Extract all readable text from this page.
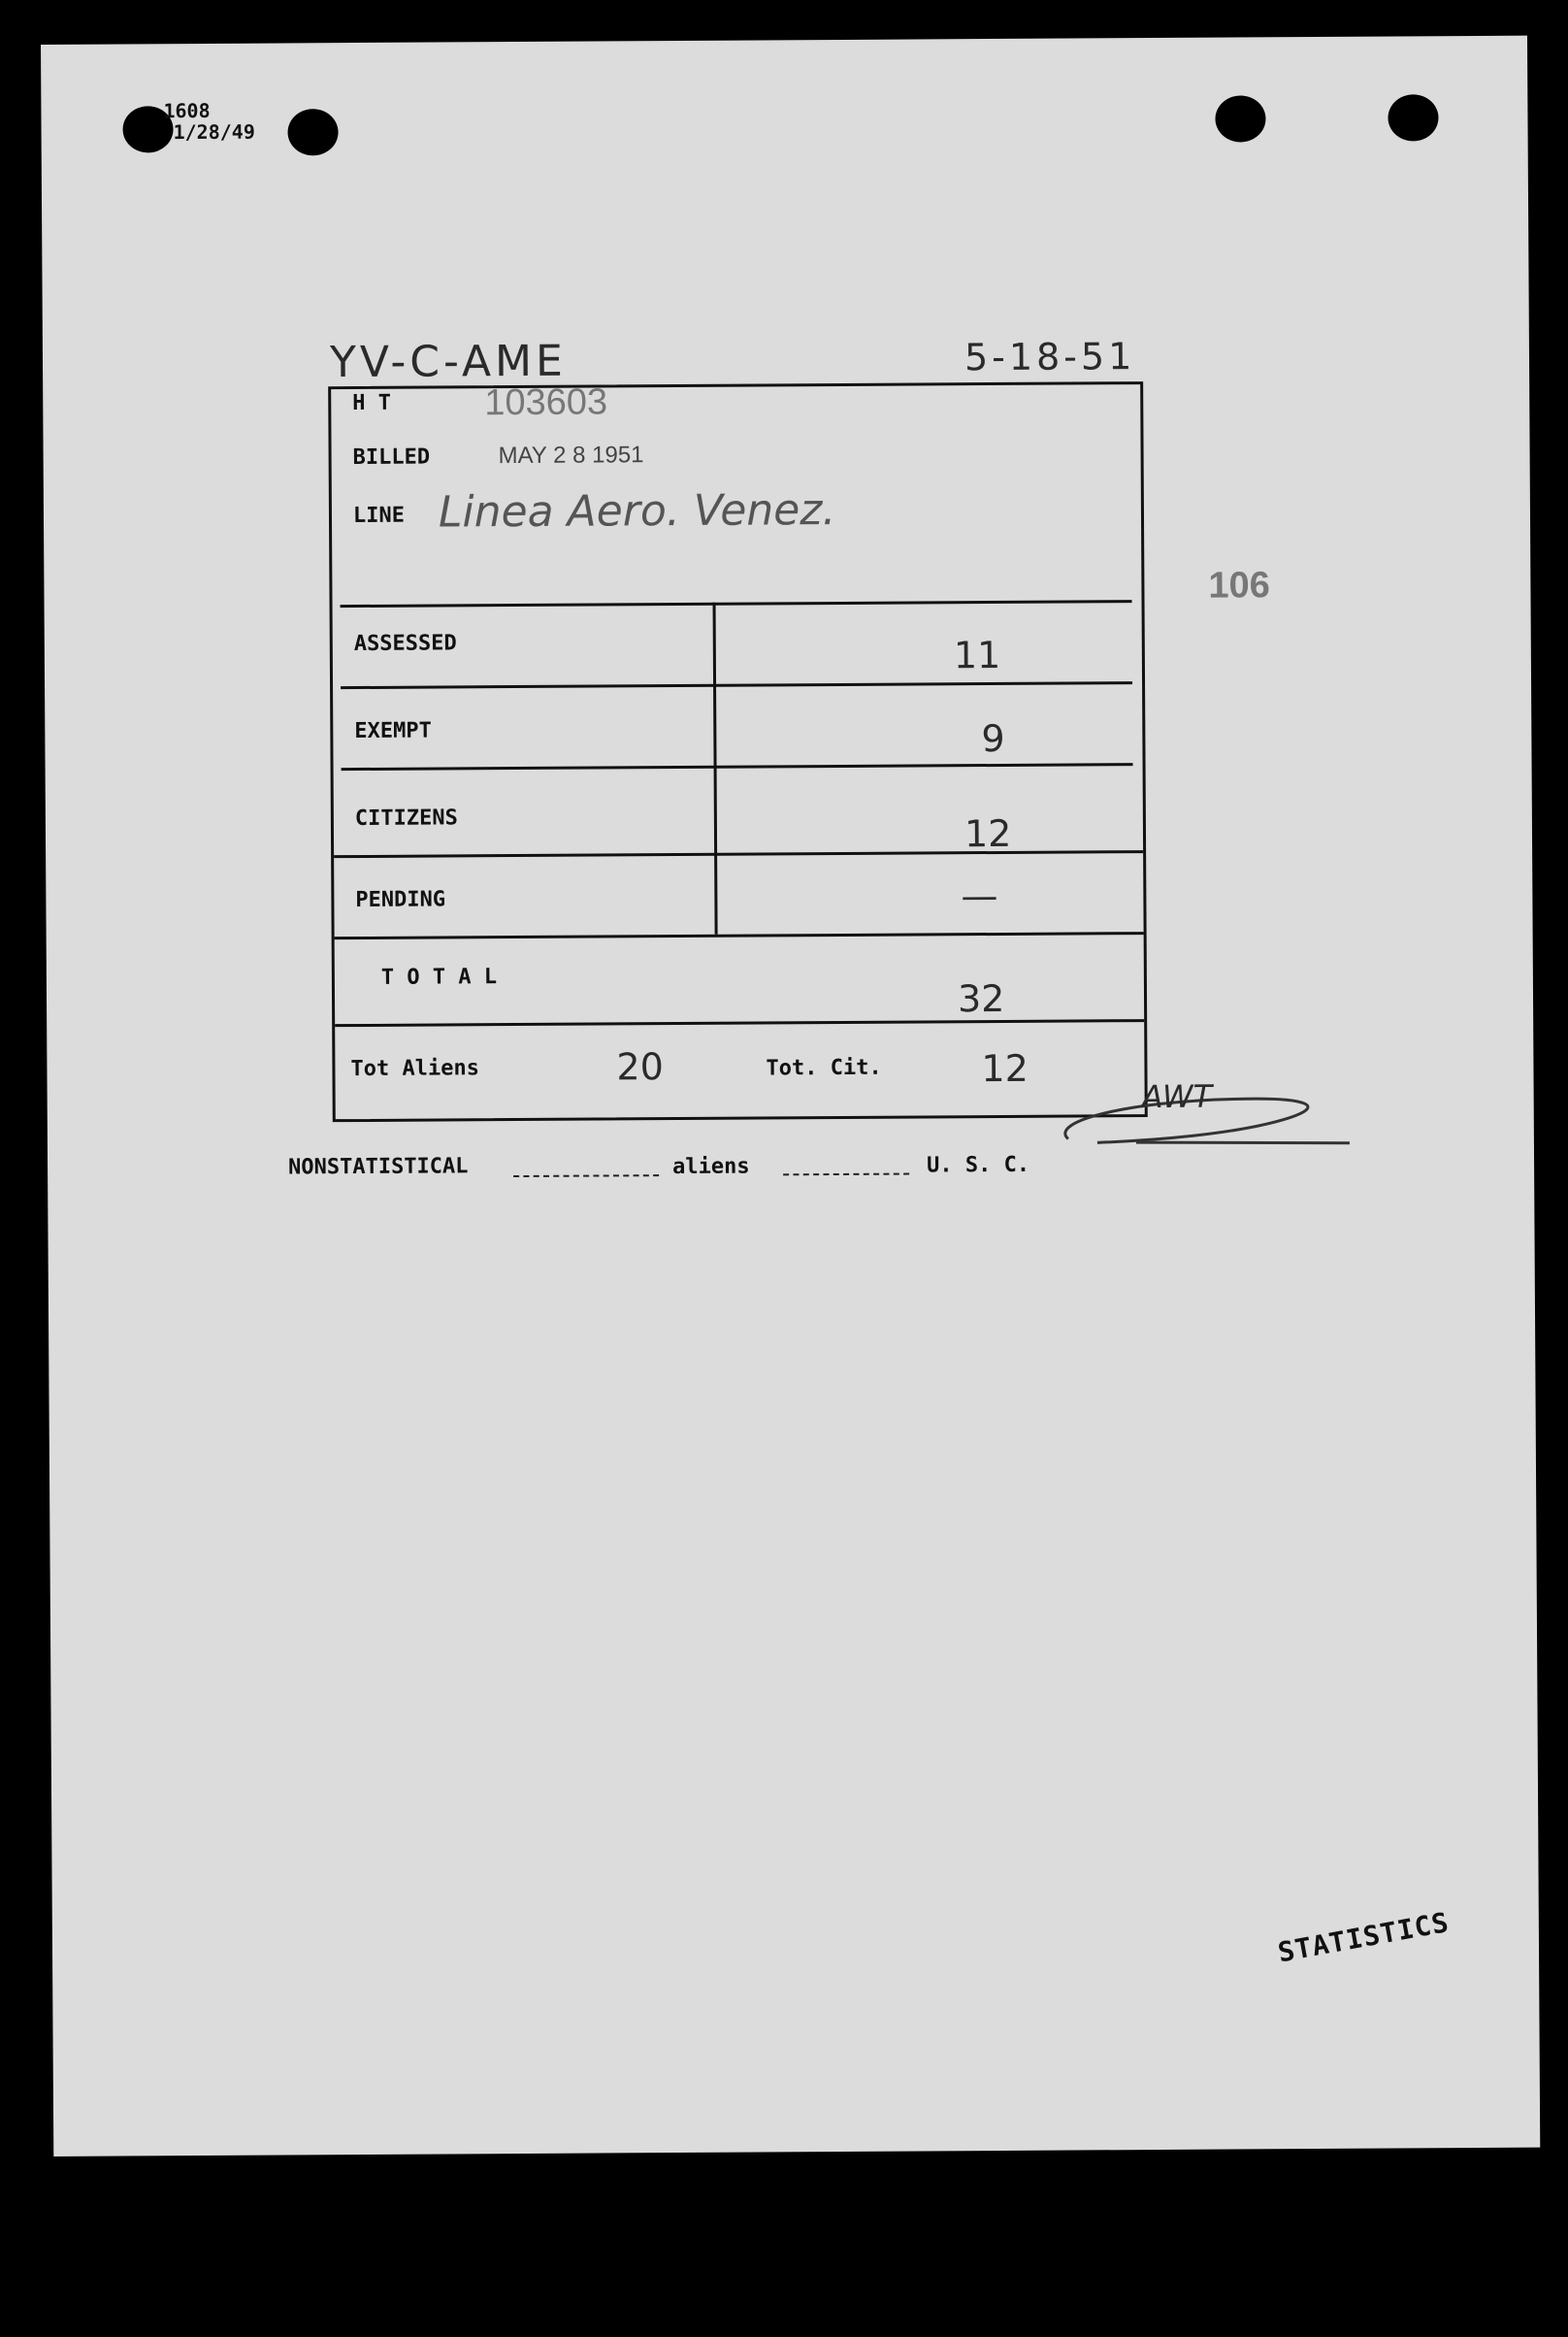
1608
1/28/49
YV-C-AME	5-18-51
106
H T	103603
BILLED	MAY 2 8 1951
LINE Linea Aero. Venez.
ASSESSED	11
EXEMPT	9
CITIZENS	12
PENDING	—
T O T A L	32
Tot Aliens	20	Tot. Cit.	12
AWT
NONSTATISTICAL	aliens	U. S. C.
STATISTICS
